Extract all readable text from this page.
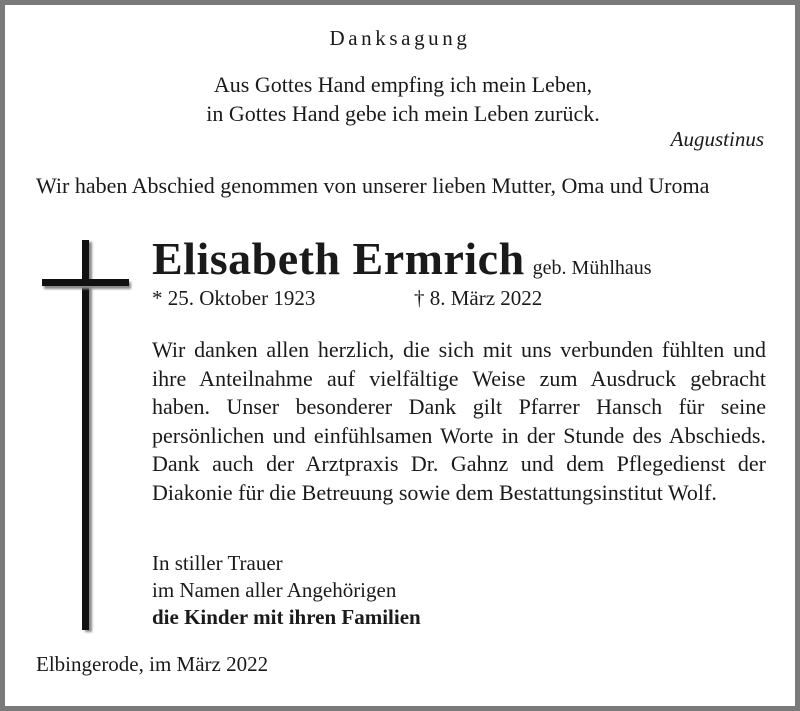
Danksagung
Aus Gottes Hand empfing ich mein Leben,
in Gottes Hand gebe ich mein Leben zurück.
Augustinus
Wir haben Abschied genommen von unserer lieben Mutter, Oma und Uroma
Elisabeth Ermrich geb. Mühlhaus
* 25. Oktober 1923	† 8. März 2022
Wir danken allen herzlich, die sich mit uns verbunden fühlten und ihre Anteilnahme auf vielfältige Weise zum Ausdruck gebracht haben. Unser besonderer Dank gilt Pfarrer Hansch für seine persönlichen und einfühlsamen Worte in der Stunde des Abschieds. Dank auch der Arztpraxis Dr. Gahnz und dem Pflegedienst der Diakonie für die Betreuung sowie dem Bestattungsinstitut Wolf.
In stiller Trauer
im Namen aller Angehörigen
die Kinder mit ihren Familien
Elbingerode, im März 2022
